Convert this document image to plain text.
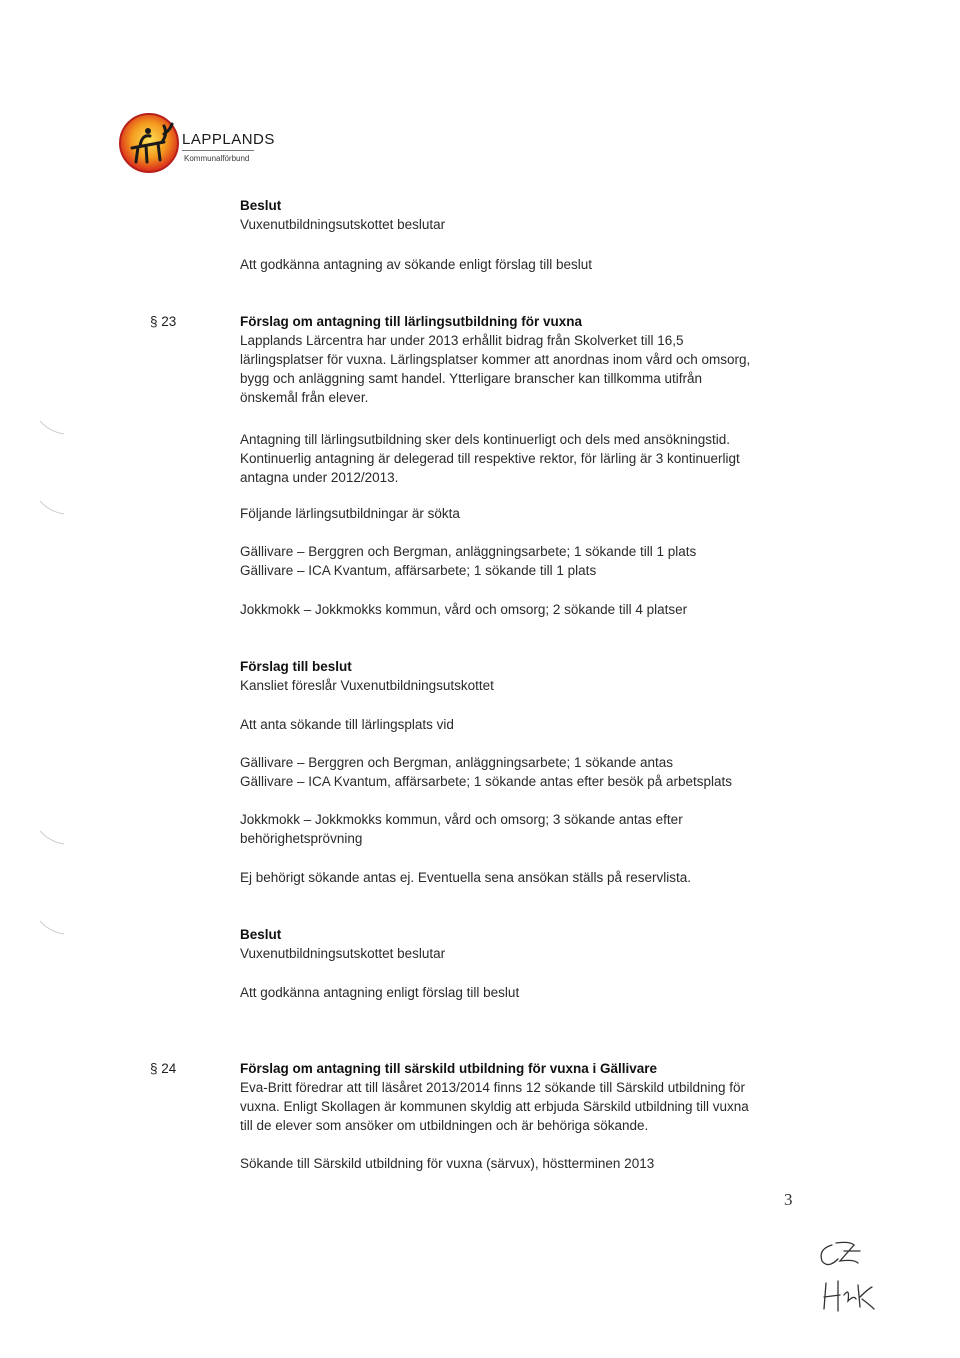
LAPPLANDS
Kommunalförbund
Beslut
Vuxenutbildningsutskottet beslutar
Att godkänna antagning av sökande enligt förslag till beslut
§ 23	Förslag om antagning till lärlingsutbildning för vuxna
Lapplands Lärcentra har under 2013 erhållit bidrag från Skolverket till 16,5
lärlingsplatser för vuxna. Lärlingsplatser kommer att anordnas inom vård och omsorg,
bygg och anläggning samt handel. Ytterligare branscher kan tillkomma utifrån
önskemål från elever.
Antagning till lärlingsutbildning sker dels kontinuerligt och dels med ansökningstid.
Kontinuerlig antagning är delegerad till respektive rektor, för lärling är 3 kontinuerligt
antagna under 2012/2013.
Följande lärlingsutbildningar är sökta
Gällivare – Berggren och Bergman, anläggningsarbete; 1 sökande till 1 plats
Gällivare – ICA Kvantum, affärsarbete; 1 sökande till 1 plats
Jokkmokk – Jokkmokks kommun, vård och omsorg; 2 sökande till 4 platser
Förslag till beslut
Kansliet föreslår Vuxenutbildningsutskottet
Att anta sökande till lärlingsplats vid
Gällivare – Berggren och Bergman, anläggningsarbete; 1 sökande antas
Gällivare – ICA Kvantum, affärsarbete; 1 sökande antas efter besök på arbetsplats
Jokkmokk – Jokkmokks kommun, vård och omsorg; 3 sökande antas efter
behörighetsprövning
Ej behörigt sökande antas ej. Eventuella sena ansökan ställs på reservlista.
Beslut
Vuxenutbildningsutskottet beslutar
Att godkänna antagning enligt förslag till beslut
§ 24	Förslag om antagning till särskild utbildning för vuxna i Gällivare
Eva-Britt föredrar att till läsåret 2013/2014 finns 12 sökande till Särskild utbildning för
vuxna. Enligt Skollagen är kommunen skyldig att erbjuda Särskild utbildning till vuxna
till de elever som ansöker om utbildningen och är behöriga sökande.
Sökande till Särskild utbildning för vuxna (särvux), höstterminen 2013
3
